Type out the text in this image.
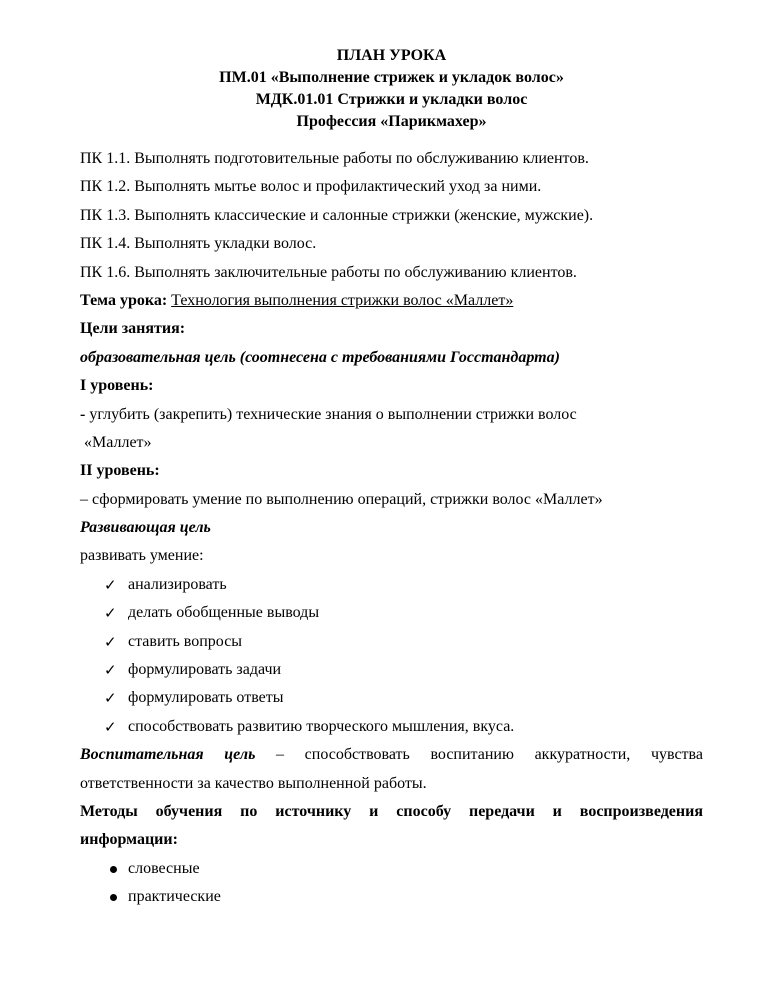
ПЛАН УРОКА
ПМ.01 «Выполнение стрижек и укладок волос»
МДК.01.01 Стрижки и укладки волос
Профессия «Парикмахер»
ПК 1.1. Выполнять подготовительные работы по обслуживанию клиентов.
ПК 1.2. Выполнять мытье волос и профилактический уход за ними.
ПК 1.3. Выполнять классические и салонные стрижки (женские, мужские).
ПК 1.4. Выполнять укладки волос.
ПК 1.6. Выполнять заключительные работы по обслуживанию клиентов.
Тема урока: Технология выполнения стрижки волос «Маллет»
Цели занятия:
образовательная цель (соотнесена с требованиями Госстандарта)
I уровень:
- углубить (закрепить) технические знания о выполнении стрижки волос
«Маллет»
II уровень:
– сформировать умение по выполнению операций, стрижки волос «Маллет»
Развивающая цель
развивать умение:
✓ анализировать
✓ делать обобщенные выводы
✓ ставить вопросы
✓ формулировать задачи
✓ формулировать ответы
✓ способствовать развитию творческого мышления, вкуса.
Воспитательная цель – способствовать воспитанию аккуратности, чувства
ответственности за качество выполненной работы.
Методы обучения по источнику и способу передачи и воспроизведения
информации:
словесные
практические
